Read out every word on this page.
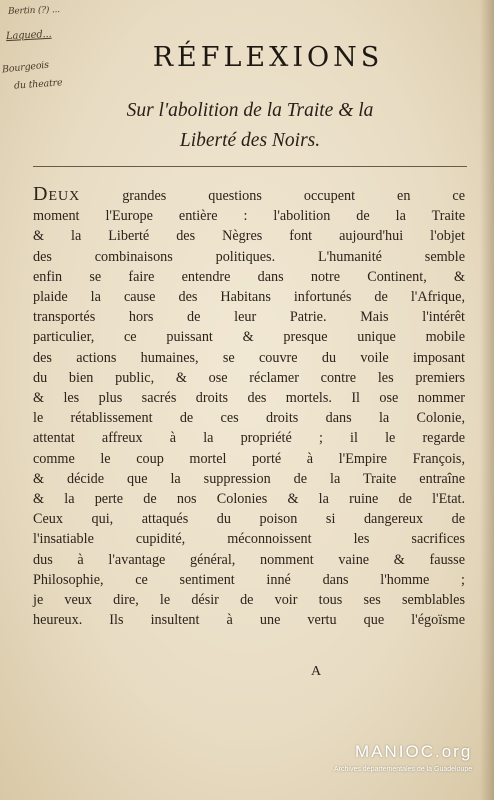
Bertin (?) ...
Laqued...
Bourgeois
du theatre
RÉFLEXIONS
Sur l'abolition de la Traite & la
Liberté des Noirs.
Deux grandes questions occupent en ce
moment l'Europe entière : l'abolition de la Traite
& la Liberté des Nègres font aujourd'hui l'objet
des combinaisons politiques. L'humanité semble
enfin se faire entendre dans notre Continent, &
plaide la cause des Habitans infortunés de l'Afrique,
transportés hors de leur Patrie. Mais l'intérêt
particulier, ce puissant & presque unique mobile
des actions humaines, se couvre du voile imposant
du bien public, & ose réclamer contre les premiers
& les plus sacrés droits des mortels. Il ose nommer
le rétablissement de ces droits dans la Colonie,
attentat affreux à la propriété ; il le regarde
comme le coup mortel porté à l'Empire François,
& décide que la suppression de la Traite entraîne
& la perte de nos Colonies & la ruine de l'Etat.
Ceux qui, attaqués du poison si dangereux de
l'insatiable cupidité, méconnoissent les sacrifices
dus à l'avantage général, nomment vaine & fausse
Philosophie, ce sentiment inné dans l'homme ;
je veux dire, le désir de voir tous ses semblables
heureux. Ils insultent à une vertu que l'égoïsme
A
MANIOC.org
Archives départementales de la Guadeloupe
